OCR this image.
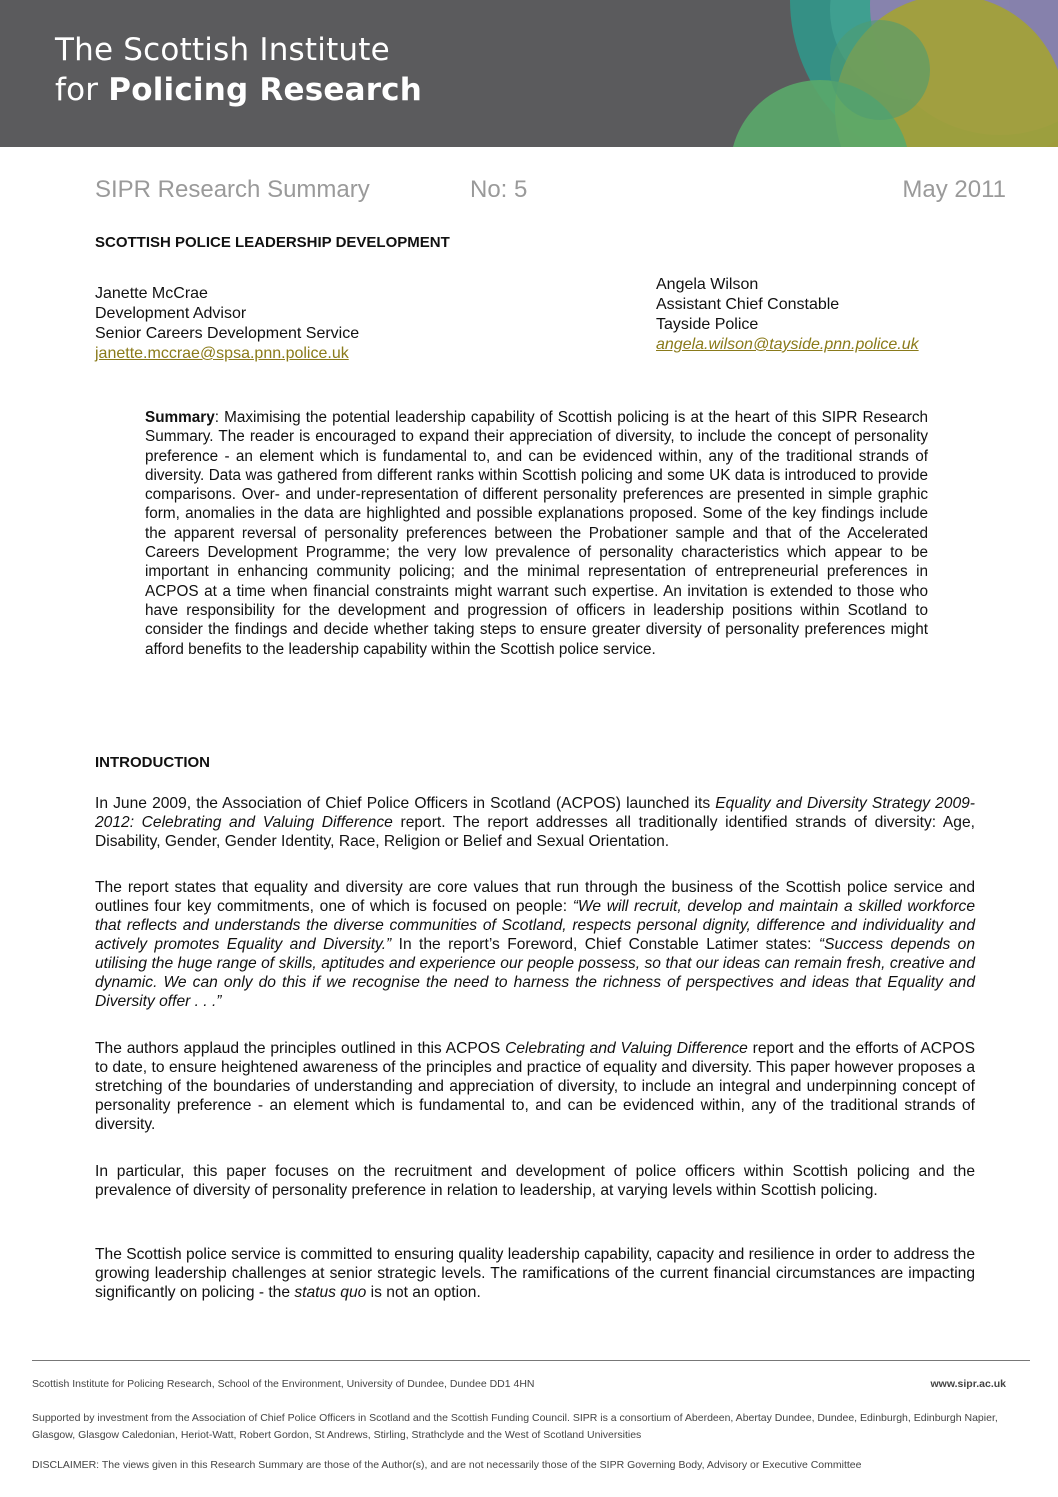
The Scottish Institute
for Policing Research
SIPR Research Summary	No: 5	May 2011
SCOTTISH POLICE LEADERSHIP DEVELOPMENT
Janette McCrae
Development Advisor
Senior Careers Development Service
janette.mccrae@spsa.pnn.police.uk
Angela Wilson
Assistant Chief Constable
Tayside Police
angela.wilson@tayside.pnn.police.uk
Summary: Maximising the potential leadership capability of Scottish policing is at the heart of this SIPR Research Summary. The reader is encouraged to expand their appreciation of diversity, to include the concept of personality preference - an element which is fundamental to, and can be evidenced within, any of the traditional strands of diversity. Data was gathered from different ranks within Scottish policing and some UK data is introduced to provide comparisons. Over- and under-representation of different personality preferences are presented in simple graphic form, anomalies in the data are highlighted and possible explanations proposed. Some of the key findings include the apparent reversal of personality preferences between the Probationer sample and that of the Accelerated Careers Development Programme; the very low prevalence of personality characteristics which appear to be important in enhancing community policing; and the minimal representation of entrepreneurial preferences in ACPOS at a time when financial constraints might warrant such expertise. An invitation is extended to those who have responsibility for the development and progression of officers in leadership positions within Scotland to consider the findings and decide whether taking steps to ensure greater diversity of personality preferences might afford benefits to the leadership capability within the Scottish police service.
INTRODUCTION

In June 2009, the Association of Chief Police Officers in Scotland (ACPOS) launched its Equality and Diversity Strategy 2009-2012: Celebrating and Valuing Difference report. The report addresses all traditionally identified strands of diversity: Age, Disability, Gender, Gender Identity, Race, Religion or Belief and Sexual Orientation.

The report states that equality and diversity are core values that run through the business of the Scottish police service and outlines four key commitments, one of which is focused on people: “We will recruit, develop and maintain a skilled workforce that reflects and understands the diverse communities of Scotland, respects personal dignity, difference and individuality and actively promotes Equality and Diversity.” In the report’s Foreword, Chief Constable Latimer states: “Success depends on utilising the huge range of skills, aptitudes and experience our people possess, so that our ideas can remain fresh, creative and dynamic. We can only do this if we recognise the need to harness the richness of perspectives and ideas that Equality and Diversity offer . . .”

The authors applaud the principles outlined in this ACPOS Celebrating and Valuing Difference report and the efforts of ACPOS to date, to ensure heightened awareness of the principles and practice of equality and diversity. This paper however proposes a stretching of the boundaries of understanding and appreciation of diversity, to include an integral and underpinning concept of personality preference - an element which is fundamental to, and can be evidenced within, any of the traditional strands of diversity.

In particular, this paper focuses on the recruitment and development of police officers within Scottish policing and the prevalence of diversity of personality preference in relation to leadership, at varying levels within Scottish policing.

The Scottish police service is committed to ensuring quality leadership capability, capacity and resilience in order to address the growing leadership challenges at senior strategic levels. The ramifications of the current financial circumstances are impacting significantly on policing - the status quo is not an option.

Scottish Institute for Policing Research, School of the Environment, University of Dundee, Dundee DD1 4HN	www.sipr.ac.uk
Supported by investment from the Association of Chief Police Officers in Scotland and the Scottish Funding Council. SIPR is a consortium of Aberdeen, Abertay Dundee, Dundee, Edinburgh, Edinburgh Napier, Glasgow, Glasgow Caledonian, Heriot-Watt, Robert Gordon, St Andrews, Stirling, Strathclyde and the West of Scotland Universities
DISCLAIMER: The views given in this Research Summary are those of the Author(s), and are not necessarily those of the SIPR Governing Body, Advisory or Executive Committee
